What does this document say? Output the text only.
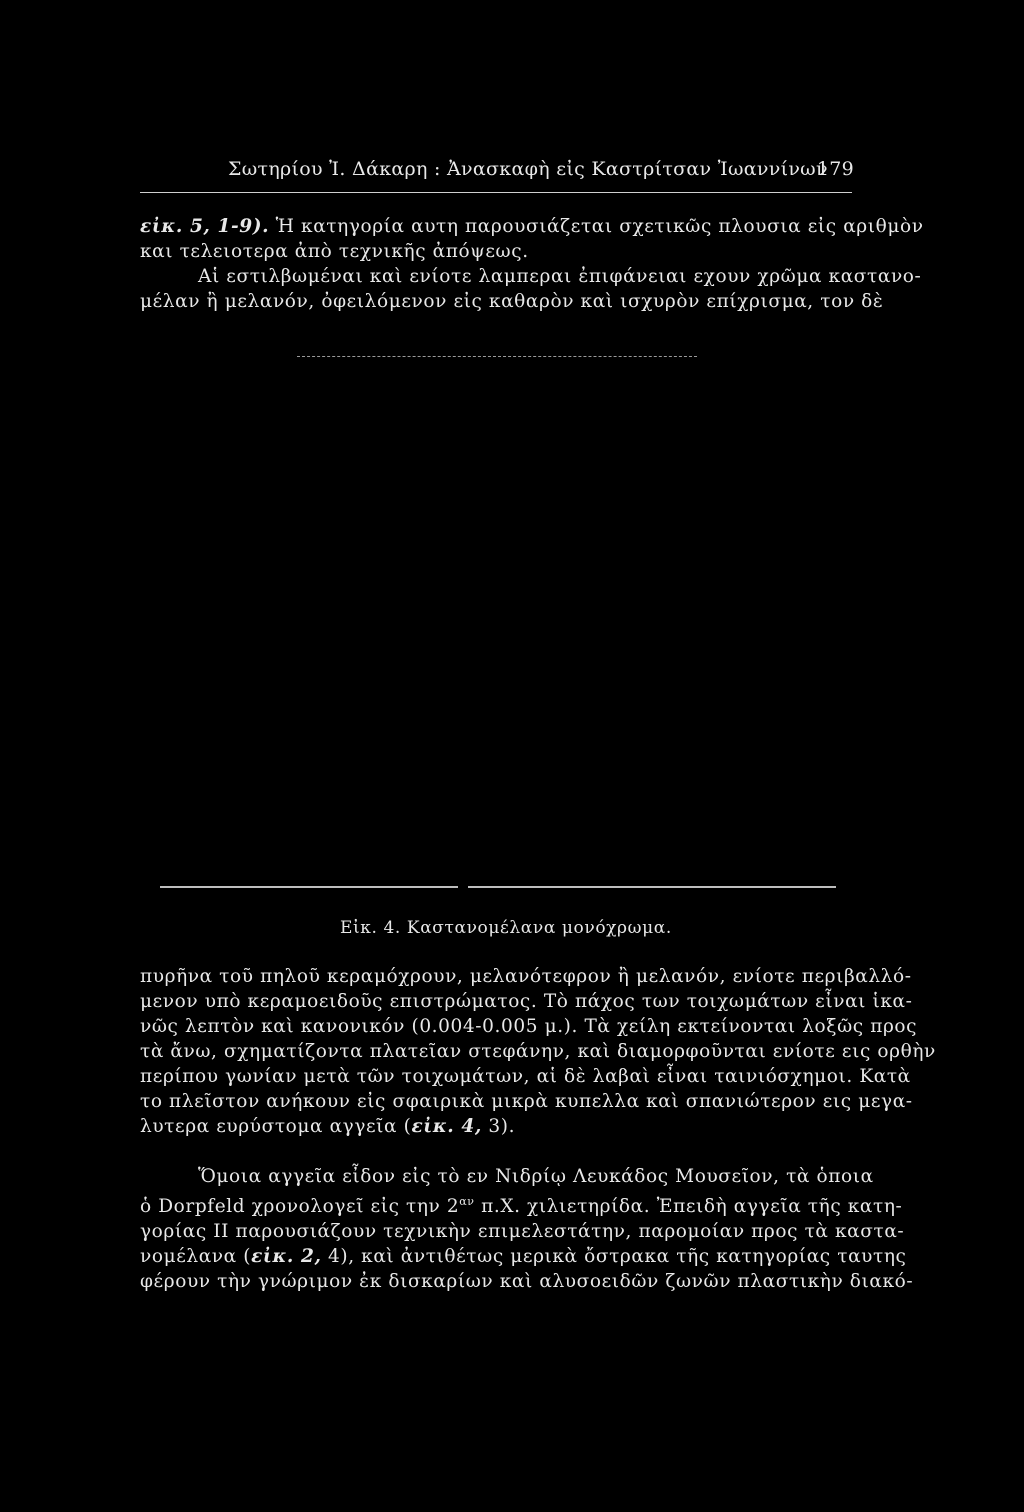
Σωτηρίου Ἰ. Δάκαρη : Ἀνασκαφὴ εἰς Καστρίτσαν Ἰωαννίνων
179
εἰκ. 5, 1-9). Ἡ κατηγορία αυτη παρουσιάζεται σχετικῶς πλουσια εἰς αριθμὸν
και τελειοτερα ἀπὸ τεχνικῆς ἀπόψεως.
Αἱ εστιλβωμέναι καὶ ενίοτε λαμπεραι ἐπιφάνειαι εχουν χρῶμα καστανο-
μέλαν ἢ μελανόν, ὀφειλόμενον εἰς καθαρὸν καὶ ισχυρὸν επίχρισμα, τον δὲ
Εἰκ. 4. Καστανομέλανα μονόχρωμα.
πυρῆνα τοῦ πηλοῦ κεραμόχρουν, μελανότεφρον ἢ μελανόν, ενίοτε περιβαλλό-
μενον υπὸ κεραμοειδοῦς επιστρώματος. Τὸ πάχος των τοιχωμάτων εἶναι ἱκα-
νῶς λεπτὸν καὶ κανονικόν (0.004-0.005 μ.). Τὰ χείλη εκτείνονται λοξῶς προς
τὰ ἄνω, σχηματίζοντα πλατεῖαν στεφάνην, καὶ διαμορφοῦνται ενίοτε εις ορθὴν
περίπου γωνίαν μετὰ τῶν τοιχωμάτων, αἱ δὲ λαβαὶ εἶναι ταινιόσχημοι. Κατὰ
το πλεῖστον ανήκουν εἰς σφαιρικὰ μικρὰ κυπελλα καὶ σπανιώτερον εις μεγα-
λυτερα ευρύστομα αγγεῖα (εἰκ. 4, 3).
Ὅμοια αγγεῖα εἶδον εἰς τὸ εν Νιδρίῳ Λευκάδος Μουσεῖον, τὰ ὁποια
ὁ Dorpfeld χρονολογεῖ εἰς την $2^{\alpha\nu}$ π.Χ. χιλιετηρίδα. Ἐπειδὴ αγγεῖα τῆς κατη-
γορίας II παρουσιάζουν τεχνικὴν επιμελεστάτην, παρομοίαν προς τὰ καστα-
νομέλανα (εἰκ. 2, 4), καὶ ἀντιθέτως μερικὰ ὄστρακα τῆς κατηγορίας ταυτης
φέρουν τὴν γνώριμον ἐκ δισκαρίων καὶ αλυσοειδῶν ζωνῶν πλαστικὴν διακό-
